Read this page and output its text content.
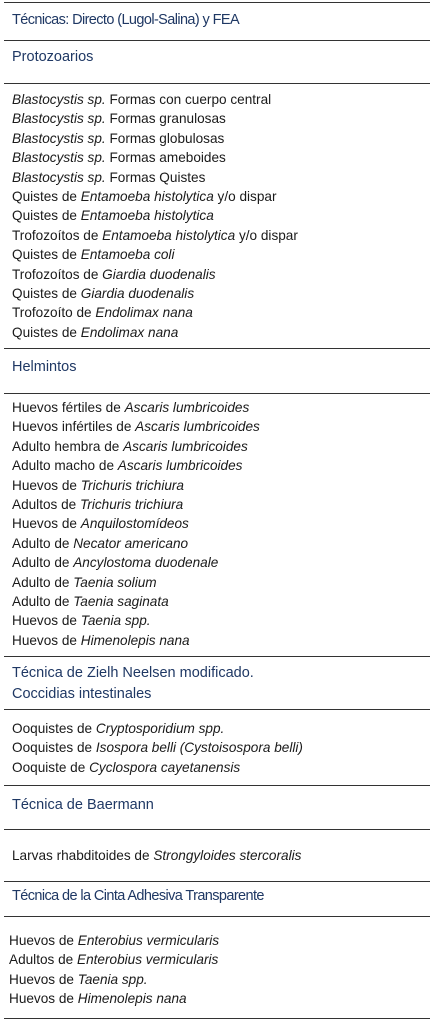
Técnicas: Directo (Lugol-Salina) y FEA
Protozoarios
Blastocystis sp. Formas con cuerpo central
Blastocystis sp. Formas granulosas
Blastocystis sp. Formas globulosas
Blastocystis sp. Formas ameboides
Blastocystis sp. Formas Quistes
Quistes de Entamoeba histolytica y/o dispar
Quistes de Entamoeba histolytica
Trofozoítos de Entamoeba histolytica y/o dispar
Quistes de Entamoeba coli
Trofozoítos de Giardia duodenalis
Quistes de Giardia duodenalis
Trofozoíto de Endolimax nana
Quistes de Endolimax nana
Helmintos
Huevos fértiles de Ascaris lumbricoides
Huevos infértiles de Ascaris lumbricoides
Adulto hembra de Ascaris lumbricoides
Adulto macho de Ascaris lumbricoides
Huevos de Trichuris trichiura
Adultos de Trichuris trichiura
Huevos de Anquilostomídeos
Adulto de Necator americano
Adulto de Ancylostoma duodenale
Adulto de Taenia solium
Adulto de Taenia saginata
Huevos de Taenia spp.
Huevos de Himenolepis nana
Técnica de Zielh Neelsen modificado.
Coccidias intestinales
Ooquistes de Cryptosporidium spp.
Ooquistes de Isospora belli (Cystoisospora belli)
Ooquiste de Cyclospora cayetanensis
Técnica de Baermann
Larvas rhabditoides de Strongyloides stercoralis
Técnica de la Cinta Adhesiva Transparente
Huevos de Enterobius vermicularis
Adultos de Enterobius vermicularis
Huevos de Taenia spp.
Huevos de Himenolepis nana
